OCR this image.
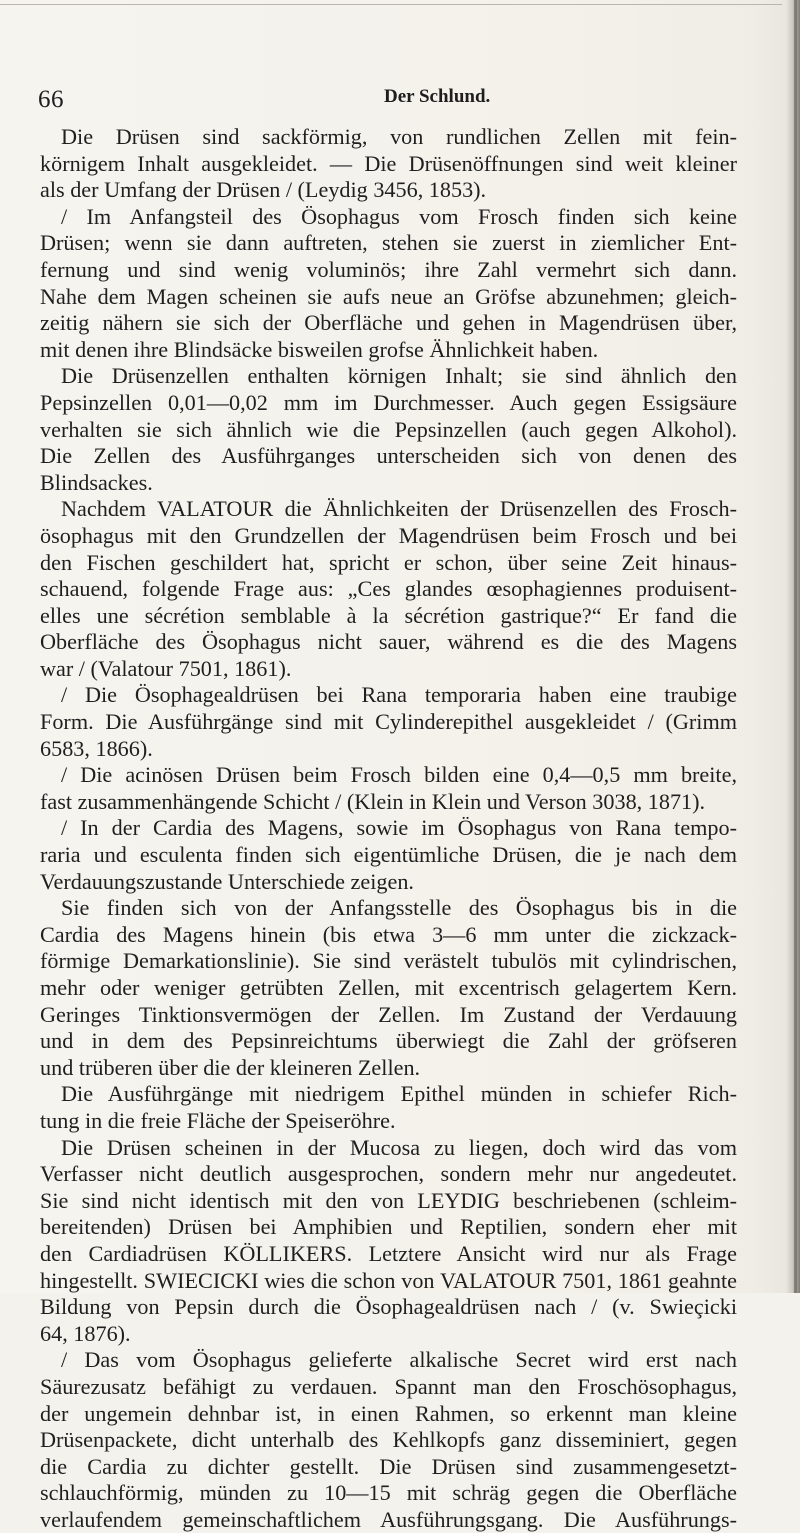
66	Der Schlund.
Die Drüsen sind sackförmig, von rundlichen Zellen mit fein-
körnigem Inhalt ausgekleidet. — Die Drüsenöffnungen sind weit kleiner
als der Umfang der Drüsen / (Leydig 3456, 1853).
/ Im Anfangsteil des Ösophagus vom Frosch finden sich keine
Drüsen; wenn sie dann auftreten, stehen sie zuerst in ziemlicher Ent-
fernung und sind wenig voluminös; ihre Zahl vermehrt sich dann.
Nahe dem Magen scheinen sie aufs neue an Gröfse abzunehmen; gleich-
zeitig nähern sie sich der Oberfläche und gehen in Magendrüsen über,
mit denen ihre Blindsäcke bisweilen grofse Ähnlichkeit haben.
Die Drüsenzellen enthalten körnigen Inhalt; sie sind ähnlich den
Pepsinzellen 0,01—0,02 mm im Durchmesser. Auch gegen Essigsäure
verhalten sie sich ähnlich wie die Pepsinzellen (auch gegen Alkohol).
Die Zellen des Ausführganges unterscheiden sich von denen des
Blindsackes.
Nachdem VALATOUR die Ähnlichkeiten der Drüsenzellen des Frosch-
ösophagus mit den Grundzellen der Magendrüsen beim Frosch und bei
den Fischen geschildert hat, spricht er schon, über seine Zeit hinaus-
schauend, folgende Frage aus: „Ces glandes œsophagiennes produisent-
elles une sécrétion semblable à la sécrétion gastrique?“ Er fand die
Oberfläche des Ösophagus nicht sauer, während es die des Magens
war / (Valatour 7501, 1861).
/ Die Ösophagealdrüsen bei Rana temporaria haben eine traubige
Form. Die Ausführgänge sind mit Cylinderepithel ausgekleidet / (Grimm
6583, 1866).
/ Die acinösen Drüsen beim Frosch bilden eine 0,4—0,5 mm breite,
fast zusammenhängende Schicht / (Klein in Klein und Verson 3038, 1871).
/ In der Cardia des Magens, sowie im Ösophagus von Rana tempo-
raria und esculenta finden sich eigentümliche Drüsen, die je nach dem
Verdauungszustande Unterschiede zeigen.
Sie finden sich von der Anfangsstelle des Ösophagus bis in die
Cardia des Magens hinein (bis etwa 3—6 mm unter die zickzack-
förmige Demarkationslinie). Sie sind verästelt tubulös mit cylindrischen,
mehr oder weniger getrübten Zellen, mit excentrisch gelagertem Kern.
Geringes Tinktionsvermögen der Zellen. Im Zustand der Verdauung
und in dem des Pepsinreichtums überwiegt die Zahl der gröfseren
und trüberen über die der kleineren Zellen.
Die Ausführgänge mit niedrigem Epithel münden in schiefer Rich-
tung in die freie Fläche der Speiseröhre.
Die Drüsen scheinen in der Mucosa zu liegen, doch wird das vom
Verfasser nicht deutlich ausgesprochen, sondern mehr nur angedeutet.
Sie sind nicht identisch mit den von LEYDIG beschriebenen (schleim-
bereitenden) Drüsen bei Amphibien und Reptilien, sondern eher mit
den Cardiadrüsen KÖLLIKERS. Letztere Ansicht wird nur als Frage
hingestellt. SWIECICKI wies die schon von VALATOUR 7501, 1861 geahnte
Bildung von Pepsin durch die Ösophagealdrüsen nach / (v. Swieçicki
64, 1876).
/ Das vom Ösophagus gelieferte alkalische Secret wird erst nach
Säurezusatz befähigt zu verdauen. Spannt man den Froschösophagus,
der ungemein dehnbar ist, in einen Rahmen, so erkennt man kleine
Drüsenpackete, dicht unterhalb des Kehlkopfs ganz disseminiert, gegen
die Cardia zu dichter gestellt. Die Drüsen sind zusammengesetzt-
schlauchförmig, münden zu 10—15 mit schräg gegen die Oberfläche
verlaufendem gemeinschaftlichem Ausführungsgang. Die Ausführungs-
